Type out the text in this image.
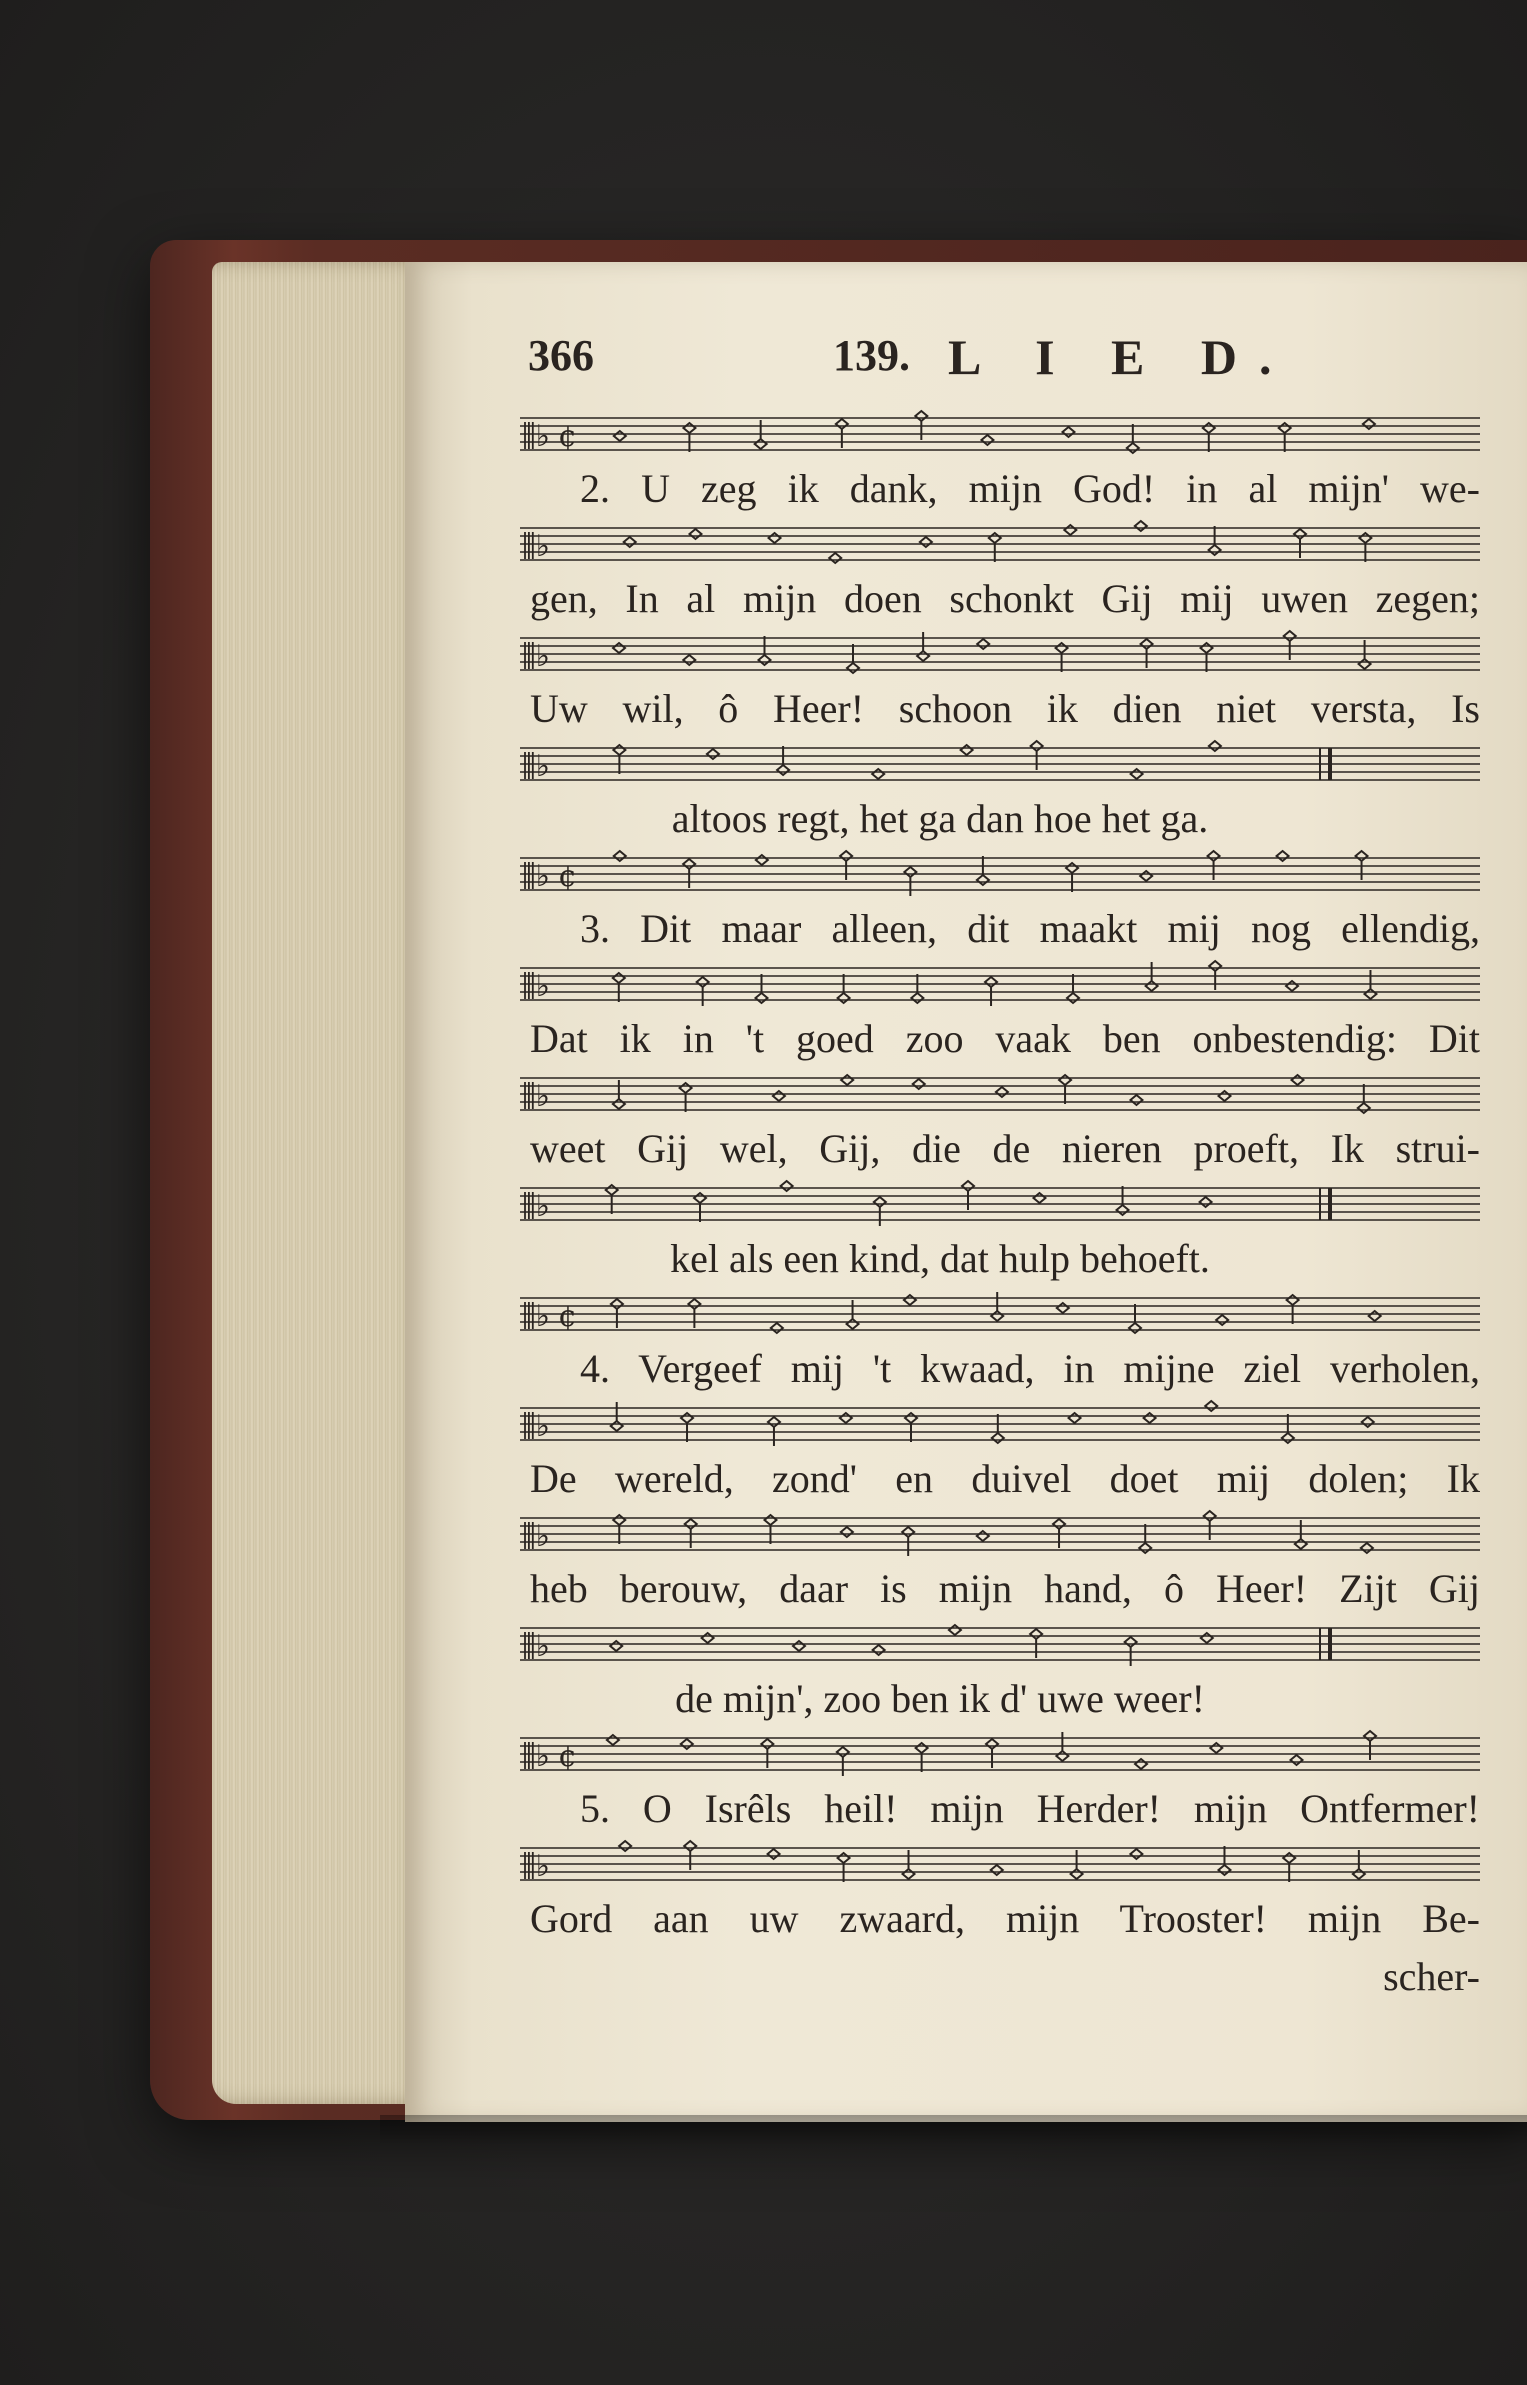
366	139. L I E D.
⫼♭ ¢
2. U zeg ik dank, mijn God! in al mijn' we-
⫼♭
gen, In al mijn doen schonkt Gij mij uwen zegen;
⫼♭
Uw wil, ô Heer! schoon ik dien niet versta, Is
⫼♭
altoos regt, het ga dan hoe het ga.
⫼♭ ¢
3. Dit maar alleen, dit maakt mij nog ellendig,
⫼♭
Dat ik in 't goed zoo vaak ben onbestendig: Dit
⫼♭
weet Gij wel, Gij, die de nieren proeft, Ik strui-
⫼♭
kel als een kind, dat hulp behoeft.
⫼♭ ¢
4. Vergeef mij 't kwaad, in mijne ziel verholen,
⫼♭
De wereld, zond' en duivel doet mij dolen; Ik
⫼♭
heb berouw, daar is mijn hand, ô Heer! Zijt Gij
⫼♭
de mijn', zoo ben ik d' uwe weer!
⫼♭ ¢
5. O Isrêls heil! mijn Herder! mijn Ontfermer!
⫼♭
Gord aan uw zwaard, mijn Trooster! mijn Be-
scher-
